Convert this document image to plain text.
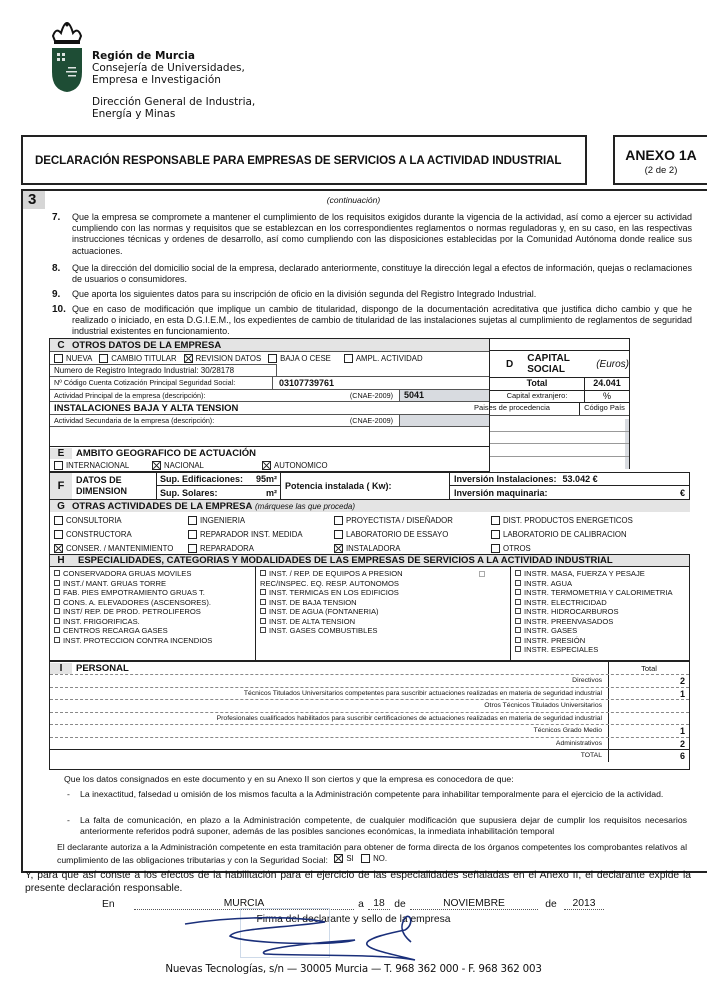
Región de Murcia
Consejería de Universidades,
Empresa e Investigación
Dirección General de Industria,
Energía y Minas
DECLARACIÓN RESPONSABLE PARA EMPRESAS DE SERVICIOS A LA ACTIVIDAD INDUSTRIAL	ANEXO 1A
(2 de 2)
3	(continuación)
7.	Que la empresa se compromete a mantener el cumplimiento de los requisitos exigidos durante la vigencia de la actividad, así como a ejercer su actividad cumpliendo con las normas y requisitos que se establezcan en los correspondientes reglamentos o normas reguladoras y, en su caso, en las respectivas instrucciones técnicas y ordenes de desarrollo, así como cumpliendo con las disposiciones establecidas por la Comunidad Autónoma donde realice sus actuaciones.
8.	Que la dirección del domicilio social de la empresa, declarado anteriormente, constituye la dirección legal a efectos de información, quejas o reclamaciones de usuarios o consumidores.
9.	Que aporta los siguientes datos para su inscripción de oficio en la división segunda del Registro Integrado Industrial.
10. Que en caso de modificación que implique un cambio de titularidad, dispongo de la documentación acreditativa que justifica dicho cambio y que he realizado o iniciado, en esta D.G.I.E.M., los expedientes de cambio de titularidad de las instalaciones sujetas al cumplimiento de reglamentos de seguridad industrial existentes en funcionamiento.
C OTROS DATOS DE LA EMPRESA
NUEVA CAMBIO TITULAR REVISION DATOS BAJA O CESE	AMPL. ACTIVIDAD
Numero de Registro Integrado Industrial: 30/28178
Nº Código Cuenta Cotización Principal Seguridad Social:	03107739761
Actividad Principal de la empresa (descripción):	(CNAE-2009)	5041
INSTALACIONES BAJA Y ALTA TENSION
Actividad Secundaria de la empresa (descripción):	(CNAE-2009)
D CAPITAL SOCIAL
	(Euros)
Total	24.041
Capital extranjero:	%
Paises de procedencia	Código País
E	AMBITO GEOGRAFICO DE ACTUACIÓN
INTERNACIONAL	NACIONAL	AUTONOMICO
F	DATOS DE
DIMENSION
Sup. Edificaciones: 95m²
Sup. Solares:	m²
Potencia instalada ( Kw):
Inversión Instalaciones: 53.042 €
Inversión maquinaria:	€
G OTRAS ACTIVIDADES DE LA EMPRESA
(márquese las que proceda)
CONSULTORIA	INGENIERIA	PROYECTISTA / DISEÑADOR	DIST. PRODUCTOS ENERGETICOS
CONSTRUCTORA	REPARADOR INST. MEDIDA	LABORATORIO DE ESSAYO	LABORATORIO DE CALIBRACION
CONSER. / MANTENIMIENTO	REPARADORA	INSTALADORA	OTROS
H	ESPECIALIDADES, CATEGORIAS Y MODALIDADES DE LAS EMPRESAS DE SERVICIOS A LA ACTIVIDAD INDUSTRIAL
CONSERVADORA GRUAS MOVILES
INST./ MANT. GRUAS TORRE
FAB. PIES EMPOTRAMIENTO GRUAS T.
CONS. A. ELEVADORES (ASCENSORES).
INST/ REP. DE PROD. PETROLIFEROS
INST. FRIGORIFICAS.
CENTROS RECARGA GASES
INST. PROTECCION CONTRA INCENDIOS
INST. / REP. DE EQUIPOS A PRESION
REC/INSPEC. EQ. RESP. AUTONOMOS
INST. TERMICAS EN LOS EDIFICIOS
INST. DE BAJA TENSION
INST. DE AGUA (FONTANERIA)
INST. DE ALTA TENSION
INST. GASES COMBUSTIBLES
INSTR. MASA, FUERZA Y PESAJE
INSTR. AGUA
INSTR. TERMOMETRIA Y CALORIMETRIA
INSTR. ELECTRICIDAD
INSTR. HIDROCARBUROS
INSTR. PREENVASADOS
INSTR. GASES
INSTR. PRESIÓN
INSTR. ESPECIALES
I	PERSONAL	Total
Directivos	2
Técnicos Titulados Universitarios competentes para suscribir actuaciones realizadas en materia de seguridad industrial	1
Otros Técnicos Titulados Universitarios
Profesionales cualificados habilitados para suscribir certificaciones de actuaciones realizadas en materia de seguridad industrial
Técnicos Grado Medio	1
Administrativos	2
TOTAL	6
Que los datos consignados en este documento y en su Anexo II son ciertos y que la empresa es conocedora de que:
-	La inexactitud, falsedad u omisión de los mismos faculta a la Administración competente para inhabilitar temporalmente para el ejercicio de la actividad.
-	La falta de comunicación, en plazo a la Administración competente, de cualquier modificación que supusiera dejar de cumplir los requisitos necesarios anteriormente referidos podrá suponer, además de las posibles sanciones económicas, la inmediata inhabilitación temporal
El declarante autoriza a la Administración competente en esta tramitación para obtener de forma directa de los órganos competentes los comprobantes relativos al cumplimiento de las obligaciones tributarias y con la Seguridad Social: SI
NO.
Y, para que así conste a los efectos de la habilitación para el ejercicio de las especialidades señaladas en el Anexo II, el declarante expide la presente declaración responsable.
En	MURCIA	a 18 de	NOVIEMBRE	de	2013
Firma del declarante y sello de la empresa
Nuevas Tecnologías, s/n — 30005 Murcia — T. 968 362 000 - F. 968 362 003
